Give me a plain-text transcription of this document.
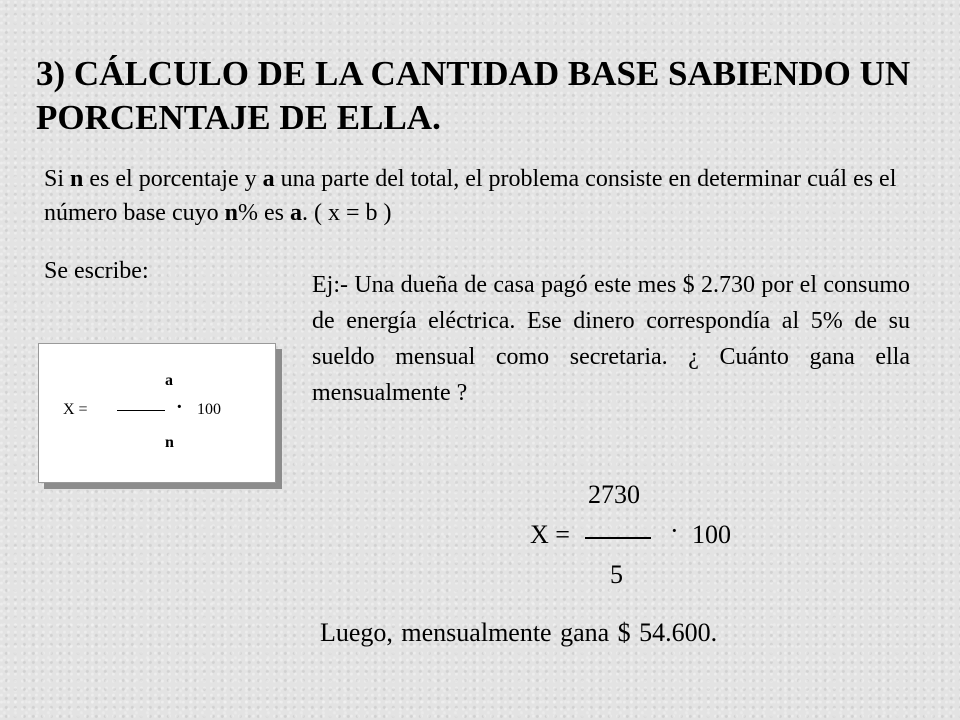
3) CÁLCULO DE LA CANTIDAD BASE SABIENDO UN PORCENTAJE DE ELLA.
Si n es el porcentaje y a una parte del total, el problema consiste en determinar cuál es el número base cuyo n% es a. ( x = b )
Se escribe:
a
X =	· 100
n
Ej:- Una dueña de casa pagó este mes $ 2.730 por el consumo de energía eléctrica. Ese dinero correspondía al 5% de su sueldo mensual como secretaria. ¿ Cuánto gana ella mensualmente ?
2730
X =	· 100
5
Luego, mensualmente gana $ 54.600.
